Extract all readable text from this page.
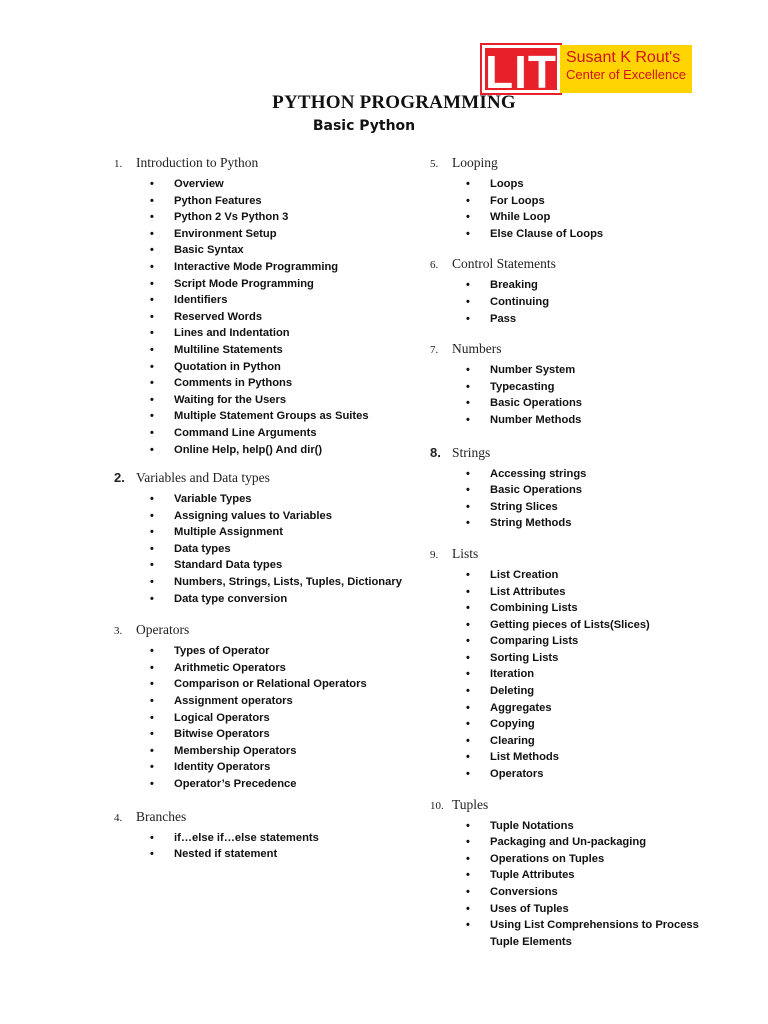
LIT Susant K Rout's
Center of Excellence
PYTHON PROGRAMMING
Basic Python
1.	Introduction to Python
• Overview
• Python Features
• Python 2 Vs Python 3
• Environment Setup
• Basic Syntax
• Interactive Mode Programming
• Script Mode Programming
• Identifiers
• Reserved Words
• Lines and Indentation
• Multiline Statements
• Quotation in Python
• Comments in Pythons
• Waiting for the Users
• Multiple Statement Groups as Suites
• Command Line Arguments
• Online Help, help() And dir()
2. Variables and Data types
• Variable Types
• Assigning values to Variables
• Multiple Assignment
• Data types
• Standard Data types
• Numbers, Strings, Lists, Tuples, Dictionary
• Data type conversion
3.	Operators
• Types of Operator
• Arithmetic Operators
• Comparison or Relational Operators
• Assignment operators
• Logical Operators
• Bitwise Operators
• Membership Operators
• Identity Operators
• Operator’s Precedence
4.	Branches
• if…else if…else statements
• Nested if statement
5.	Looping
• Loops
• For Loops
• While Loop
• Else Clause of Loops
6.	Control Statements
• Breaking
• Continuing
• Pass
7.	Numbers
• Number System
• Typecasting
• Basic Operations
• Number Methods
8. Strings
• Accessing strings
• Basic Operations
• String Slices
• String Methods
9.	Lists
• List Creation
• List Attributes
• Combining Lists
• Getting pieces of Lists(Slices)
• Comparing Lists
• Sorting Lists
• Iteration
• Deleting
• Aggregates
• Copying
• Clearing
• List Methods
• Operators
10. Tuples
• Tuple Notations
• Packaging and Un-packaging
• Operations on Tuples
• Tuple Attributes
• Conversions
• Uses of Tuples
• Using List Comprehensions to Process Tuple Elements
